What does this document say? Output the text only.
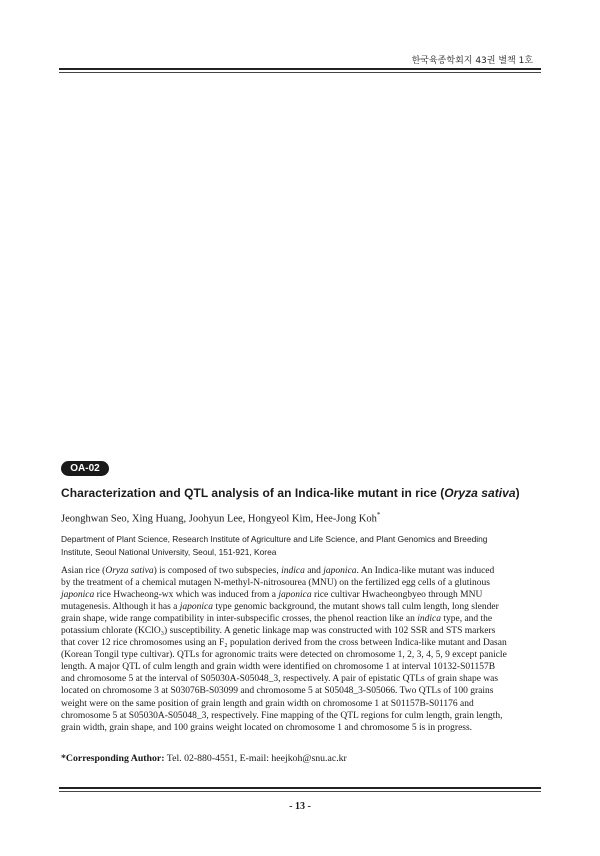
한국육종학회지 43권 별책 1호
OA-02
Characterization and QTL analysis of an Indica-like mutant in rice (Oryza sativa)
Jeonghwan Seo, Xing Huang, Joohyun Lee, Hongyeol Kim, Hee-Jong Koh*
Department of Plant Science, Research Institute of Agriculture and Life Science, and Plant Genomics and Breeding
Institute, Seoul National University, Seoul, 151-921, Korea
Asian rice (Oryza sativa) is composed of two subspecies, indica and japonica. An Indica-like mutant was induced
by the treatment of a chemical mutagen N-methyl-N-nitrosourea (MNU) on the fertilized egg cells of a glutinous
japonica rice Hwacheong-wx which was induced from a japonica rice cultivar Hwacheongbyeo through MNU
mutagenesis. Although it has a japonica type genomic background, the mutant shows tall culm length, long slender
grain shape, wide range compatibility in inter-subspecific crosses, the phenol reaction like an indica type, and the
potassium chlorate (KClO₃) susceptibility. A genetic linkage map was constructed with 102 SSR and STS markers
that cover 12 rice chromosomes using an F₂ population derived from the cross between Indica-like mutant and Dasan
(Korean Tongil type cultivar). QTLs for agronomic traits were detected on chromosome 1, 2, 3, 4, 5, 9 except panicle
length. A major QTL of culm length and grain width were identified on chromosome 1 at interval 10132-S01157B
and chromosome 5 at the interval of S05030A-S05048_3, respectively. A pair of epistatic QTLs of grain shape was
located on chromosome 3 at S03076B-S03099 and chromosome 5 at S05048_3-S05066. Two QTLs of 100 grains
weight were on the same position of grain length and grain width on chromosome 1 at S01157B-S01176 and
chromosome 5 at S05030A-S05048_3, respectively. Fine mapping of the QTL regions for culm length, grain length,
grain width, grain shape, and 100 grains weight located on chromosome 1 and chromosome 5 is in progress.
*Corresponding Author: Tel. 02-880-4551, E-mail: heejkoh@snu.ac.kr
- 13 -
